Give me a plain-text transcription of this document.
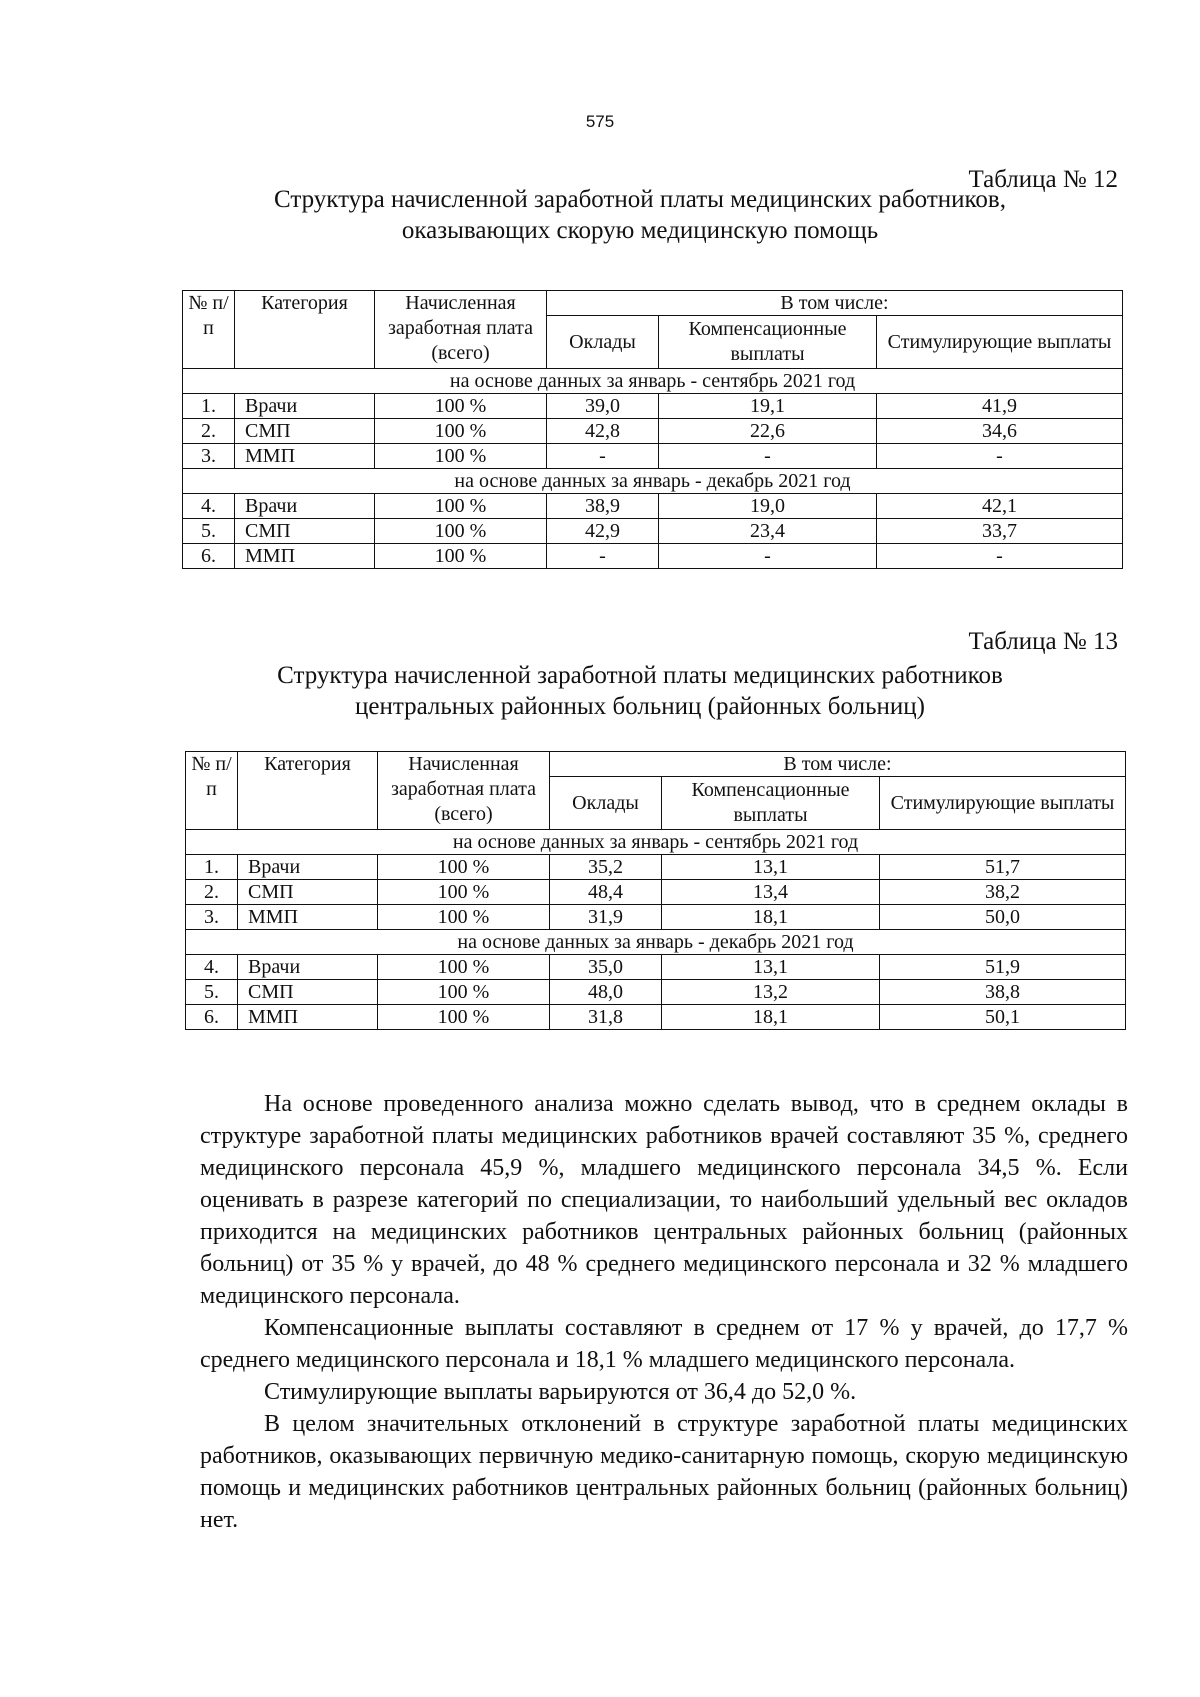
575
Таблица № 12
Структура начисленной заработной платы медицинских работников,
оказывающих скорую медицинскую помощь
№ п/п	Категория	Начисленная заработная плата (всего)	В том числе:		
			Оклады	Компенсационные выплаты	Стимулирующие выплаты
на основе данных за январь - сентябрь 2021 год					
1.	Врачи	100 %	39,0	19,1	41,9
2.	СМП	100 %	42,8	22,6	34,6
3.	ММП	100 %	-	-	-
на основе данных за январь - декабрь 2021 год					
4.	Врачи	100 %	38,9	19,0	42,1
5.	СМП	100 %	42,9	23,4	33,7
6.	ММП	100 %	-	-	-
Таблица № 13
Структура начисленной заработной платы медицинских работников
центральных районных больниц (районных больниц)
№ п/п	Категория	Начисленная заработная плата (всего)	В том числе:		
			Оклады	Компенсационные выплаты	Стимулирующие выплаты
на основе данных за январь - сентябрь 2021 год					
1.	Врачи	100 %	35,2	13,1	51,7
2.	СМП	100 %	48,4	13,4	38,2
3.	ММП	100 %	31,9	18,1	50,0
на основе данных за январь - декабрь 2021 год					
4.	Врачи	100 %	35,0	13,1	51,9
5.	СМП	100 %	48,0	13,2	38,8
6.	ММП	100 %	31,8	18,1	50,1

На основе проведенного анализа можно сделать вывод, что в среднем оклады в структуре заработной платы медицинских работников врачей составляют 35 %, среднего медицинского персонала 45,9 %, младшего медицинского персонала 34,5 %. Если оценивать в разрезе категорий по специализации, то наибольший удельный вес окладов приходится на медицинских работников центральных районных больниц (районных больниц) от 35 % у врачей, до 48 % среднего медицинского персонала и 32 % младшего медицинского персонала.

Компенсационные выплаты составляют в среднем от 17 % у врачей, до 17,7 % среднего медицинского персонала и 18,1 % младшего медицинского персонала.

Стимулирующие выплаты варьируются от 36,4 до 52,0 %.

В целом значительных отклонений в структуре заработной платы медицинских работников, оказывающих первичную медико-санитарную помощь, скорую медицинскую помощь и медицинских работников центральных районных больниц (районных больниц) нет.
